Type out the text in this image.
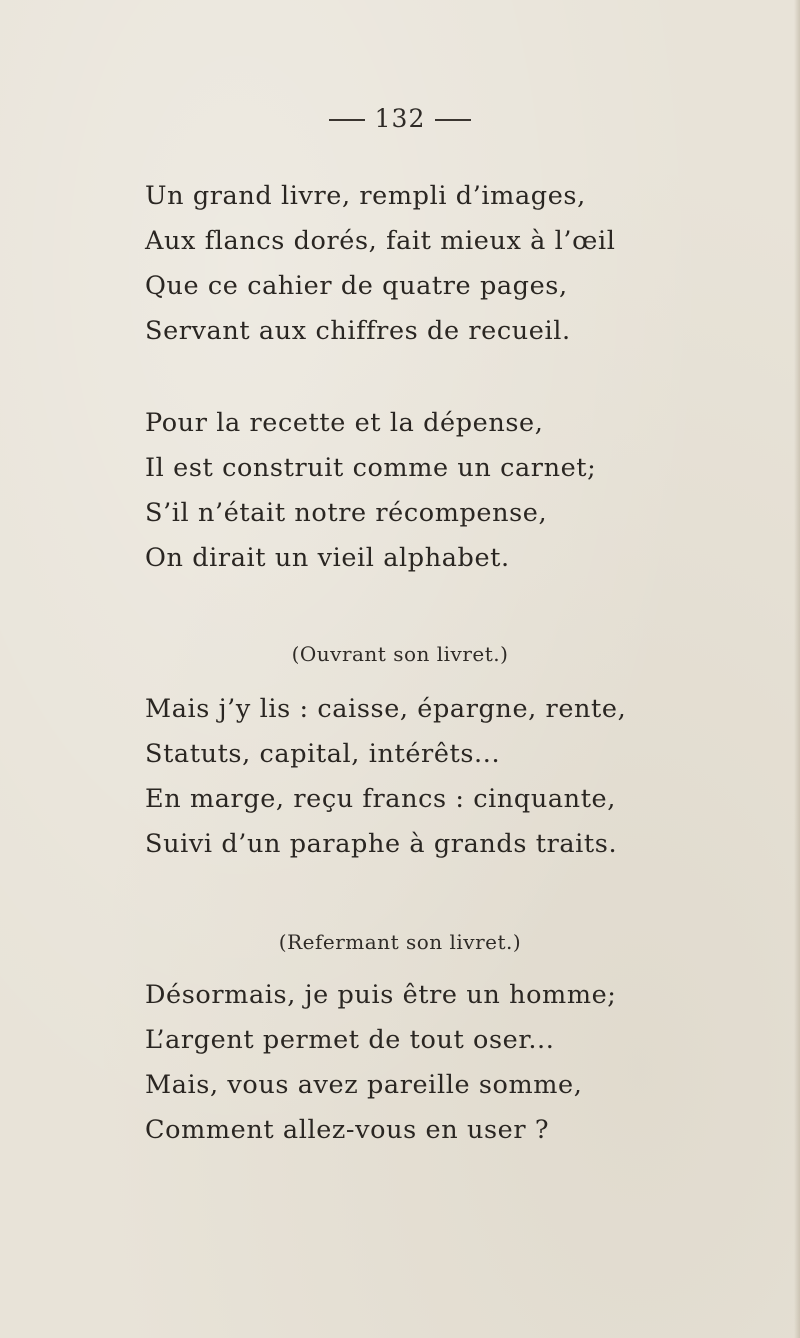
132
Un grand livre, rempli d’images,
Aux flancs dorés, fait mieux à l’œil
Que ce cahier de quatre pages,
Servant aux chiffres de recueil.
Pour la recette et la dépense,
Il est construit comme un carnet;
S’il n’était notre récompense,
On dirait un vieil alphabet.
(Ouvrant son livret.)
Mais j’y lis : caisse, épargne, rente,
Statuts, capital, intérêts...
En marge, reçu francs : cinquante,
Suivi d’un paraphe à grands traits.
(Refermant son livret.)
Désormais, je puis être un homme;
L’argent permet de tout oser...
Mais, vous avez pareille somme,
Comment allez-vous en user ?
